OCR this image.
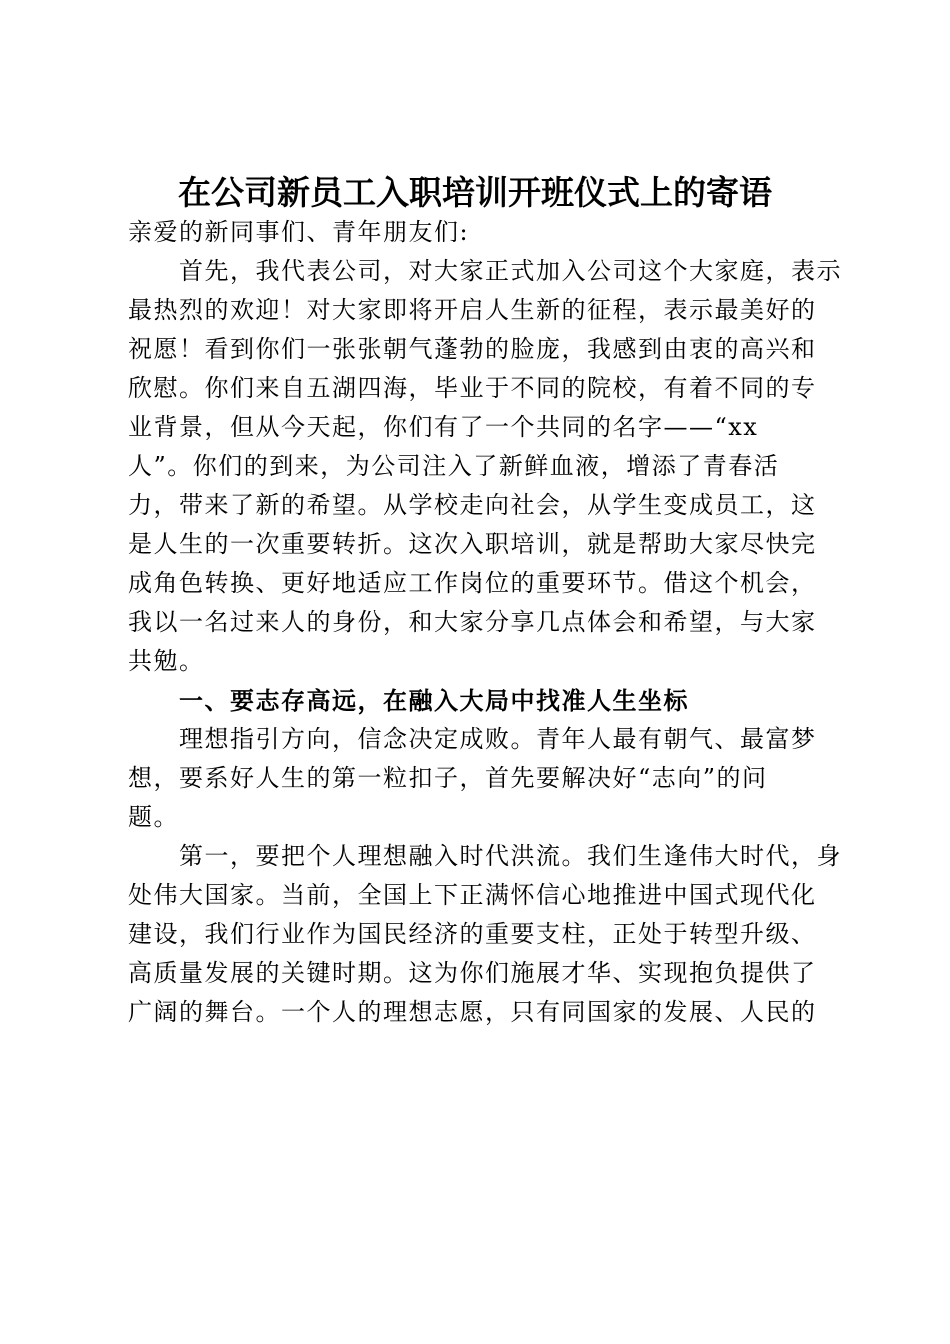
在公司新员工入职培训开班仪式上的寄语
亲爱的新同事们、青年朋友们:
　　首先，我代表公司，对大家正式加入公司这个大家庭，表示
最热烈的欢迎！对大家即将开启人生新的征程，表示最美好的
祝愿！看到你们一张张朝气蓬勃的脸庞，我感到由衷的高兴和
欣慰。你们来自五湖四海，毕业于不同的院校，有着不同的专
业背景，但从今天起，你们有了一个共同的名字——“xx
人”。你们的到来，为公司注入了新鲜血液，增添了青春活
力，带来了新的希望。从学校走向社会，从学生变成员工，这
是人生的一次重要转折。这次入职培训，就是帮助大家尽快完
成角色转换、更好地适应工作岗位的重要环节。借这个机会，
我以一名过来人的身份，和大家分享几点体会和希望，与大家
共勉。
　　一、要志存高远，在融入大局中找准人生坐标
　　理想指引方向，信念决定成败。青年人最有朝气、最富梦
想，要系好人生的第一粒扣子，首先要解决好“志向”的问
题。
　　第一，要把个人理想融入时代洪流。我们生逢伟大时代，身
处伟大国家。当前，全国上下正满怀信心地推进中国式现代化
建设，我们行业作为国民经济的重要支柱，正处于转型升级、
高质量发展的关键时期。这为你们施展才华、实现抱负提供了
广阔的舞台。一个人的理想志愿，只有同国家的发展、人民的
